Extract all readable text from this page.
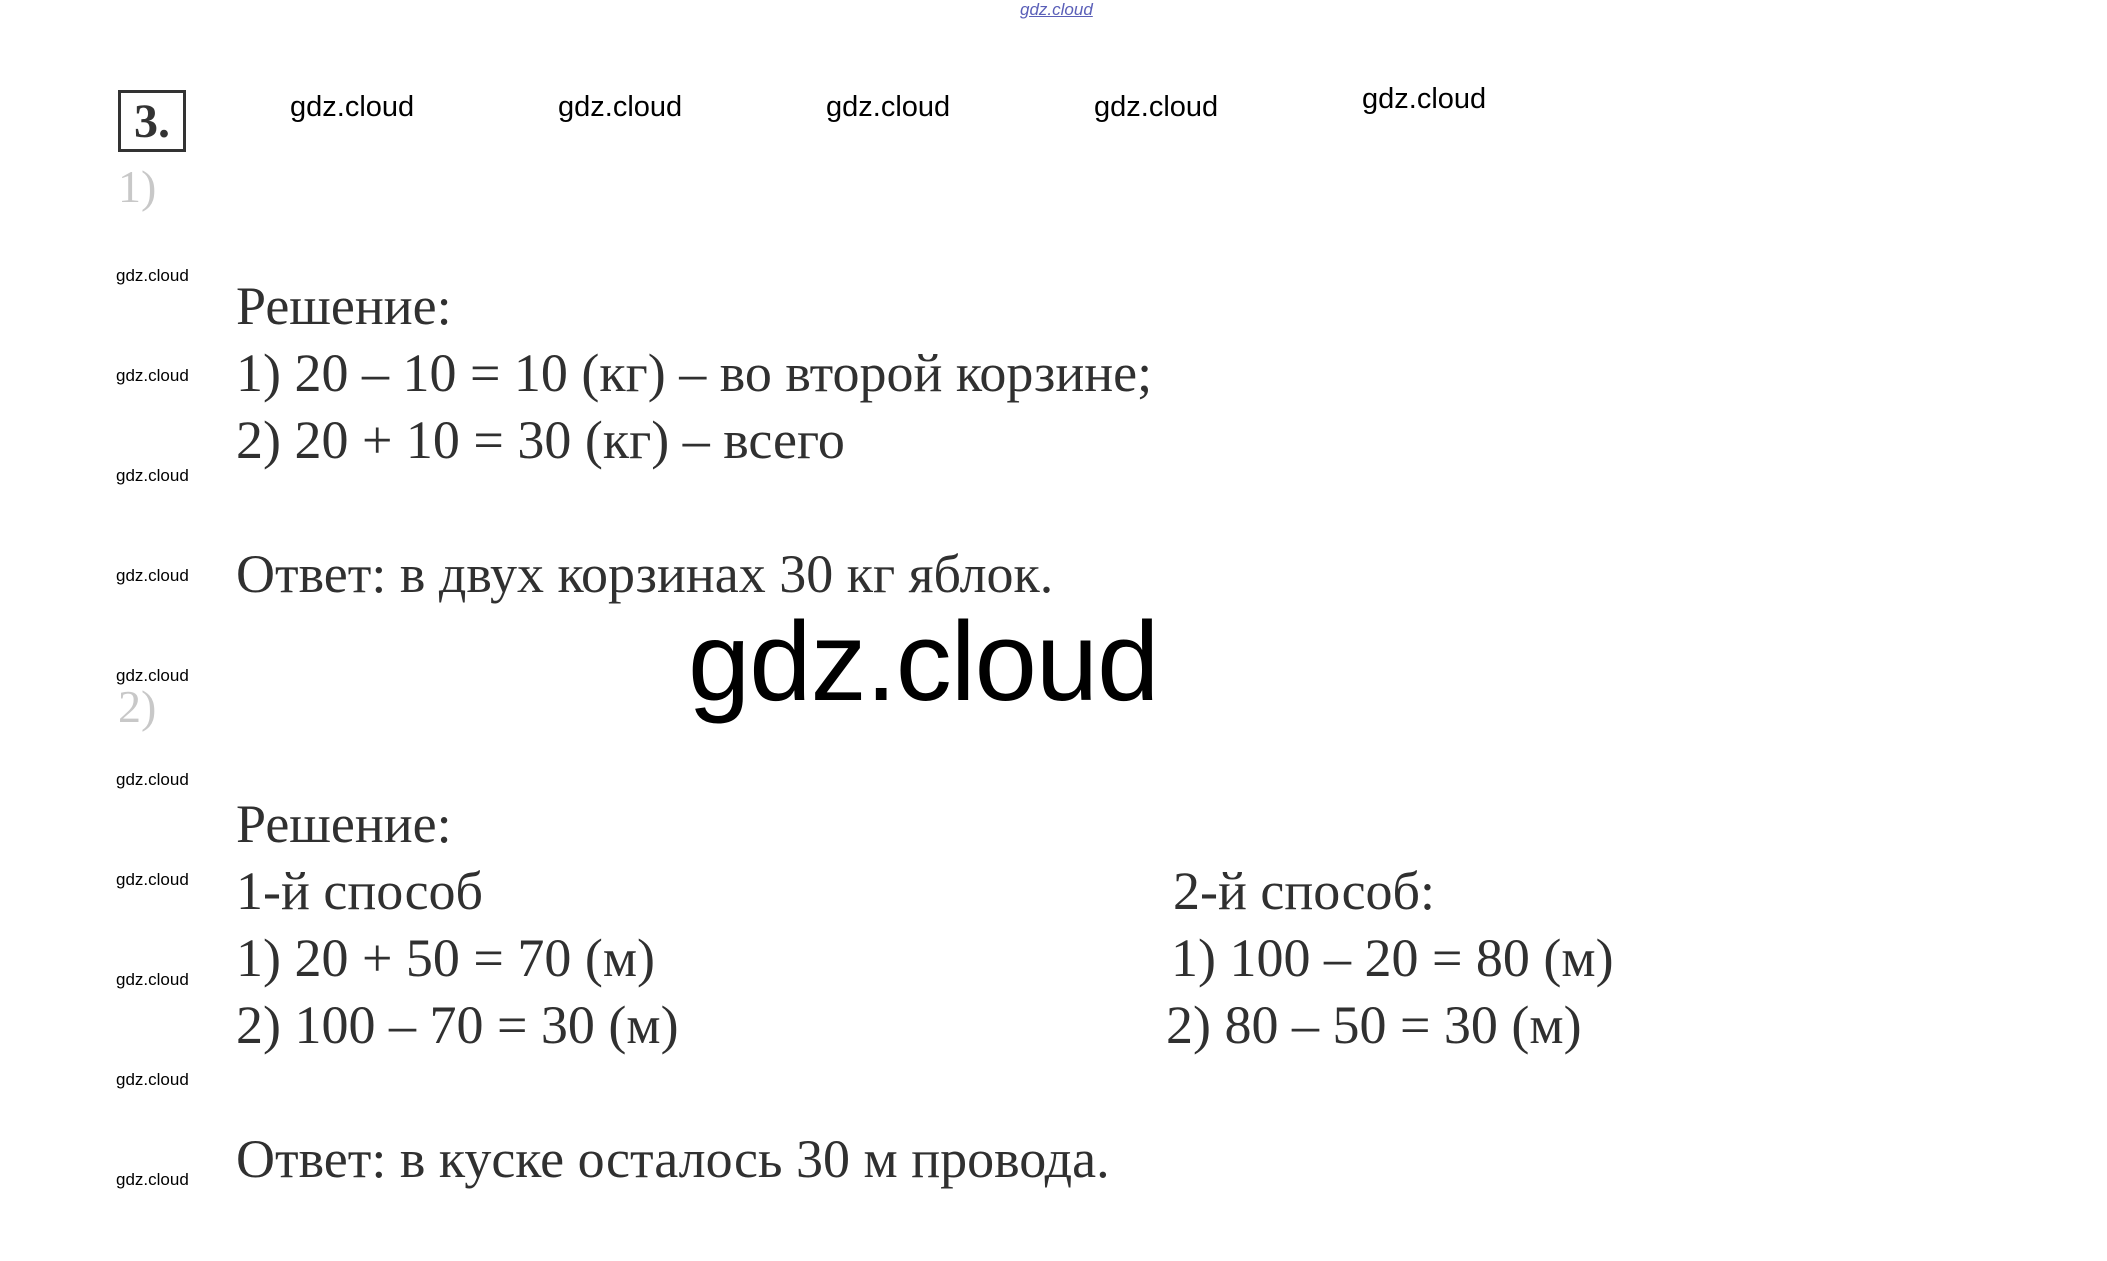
gdz.cloud
3.	gdz.cloud	gdz.cloud	gdz.cloud	gdz.cloud	gdz.cloud
gdz.cloud
gdz.cloud
gdz.cloud
gdz.cloud
gdz.cloud
gdz.cloud
gdz.cloud
gdz.cloud
gdz.cloud
gdz.cloud
1)
Решение:
1) 20 – 10 = 10 (кг) – во второй корзине;
2) 20 + 10 = 30 (кг) – всего
Ответ: в двух корзинах 30 кг яблок.
gdz.cloud
2)
Решение:
1-й способ
1) 20 + 50 = 70 (м)
2) 100 – 70 = 30 (м)
2-й способ:
1) 100 – 20 = 80 (м)
2) 80 – 50 = 30 (м)
Ответ: в куске осталось 30 м провода.
